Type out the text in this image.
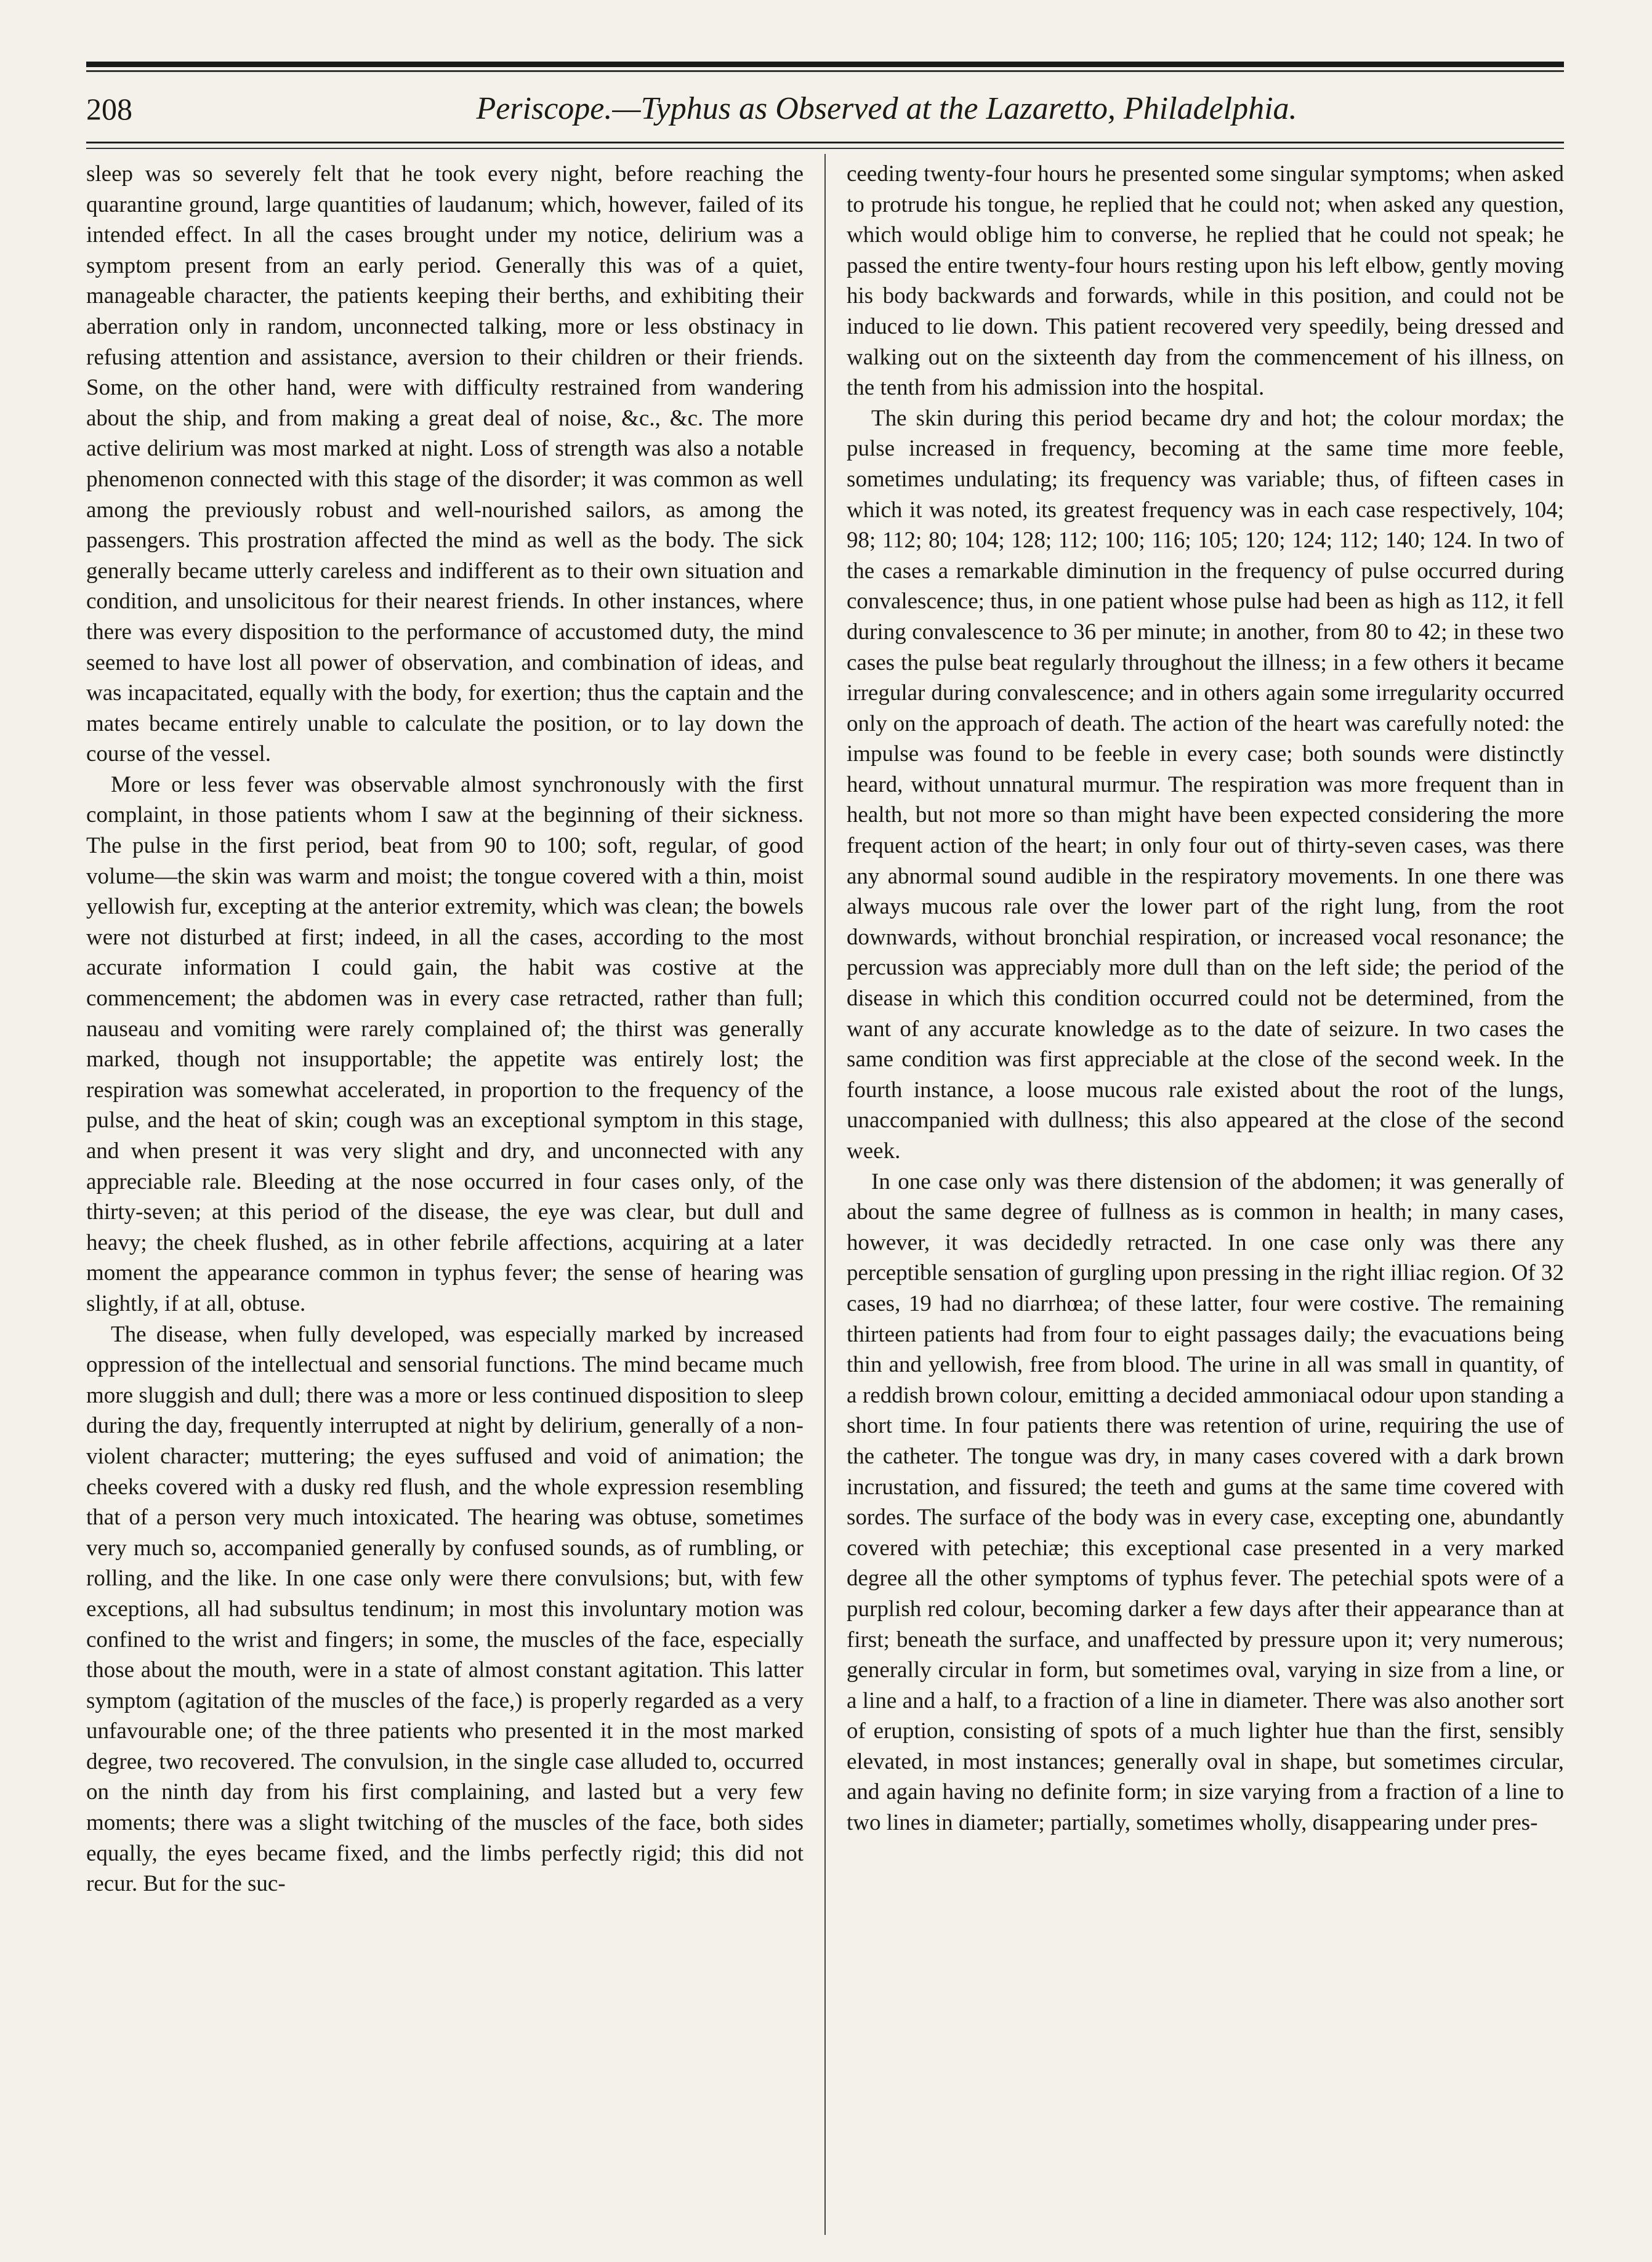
208	Periscope.—Typhus as Observed at the Lazaretto, Philadelphia.

sleep was so severely felt that he took every night, before reaching the quarantine ground, large quantities of laudanum; which, however, failed of its intended effect. In all the cases brought under my notice, delirium was a symptom present from an early period. Generally this was of a quiet, manageable character, the patients keeping their berths, and exhibiting their aberration only in random, unconnected talking, more or less obstinacy in refusing attention and assistance, aversion to their children or their friends. Some, on the other hand, were with difficulty restrained from wandering about the ship, and from making a great deal of noise, &c., &c. The more active delirium was most marked at night. Loss of strength was also a notable phenomenon connected with this stage of the disorder; it was common as well among the previously robust and well-nourished sailors, as among the passengers. This prostration affected the mind as well as the body. The sick generally became utterly careless and indifferent as to their own situation and condition, and unsolicitous for their nearest friends. In other instances, where there was every disposition to the performance of accustomed duty, the mind seemed to have lost all power of observation, and combination of ideas, and was incapacitated, equally with the body, for exertion; thus the captain and the mates became entirely unable to calculate the position, or to lay down the course of the vessel.

More or less fever was observable almost synchronously with the first complaint, in those patients whom I saw at the beginning of their sickness. The pulse in the first period, beat from 90 to 100; soft, regular, of good volume—the skin was warm and moist; the tongue covered with a thin, moist yellowish fur, excepting at the anterior extremity, which was clean; the bowels were not disturbed at first; indeed, in all the cases, according to the most accurate information I could gain, the habit was costive at the commencement; the abdomen was in every case retracted, rather than full; nauseau and vomiting were rarely complained of; the thirst was generally marked, though not insupportable; the appetite was entirely lost; the respiration was somewhat accelerated, in proportion to the frequency of the pulse, and the heat of skin; cough was an exceptional symptom in this stage, and when present it was very slight and dry, and unconnected with any appreciable rale. Bleeding at the nose occurred in four cases only, of the thirty-seven; at this period of the disease, the eye was clear, but dull and heavy; the cheek flushed, as in other febrile affections, acquiring at a later moment the appearance common in typhus fever; the sense of hearing was slightly, if at all, obtuse.

The disease, when fully developed, was especially marked by increased oppression of the intellectual and sensorial functions. The mind became much more sluggish and dull; there was a more or less continued disposition to sleep during the day, frequently interrupted at night by delirium, generally of a non-violent character; muttering; the eyes suffused and void of animation; the cheeks covered with a dusky red flush, and the whole expression resembling that of a person very much intoxicated. The hearing was obtuse, sometimes very much so, accompanied generally by confused sounds, as of rumbling, or rolling, and the like. In one case only were there convulsions; but, with few exceptions, all had subsultus tendinum; in most this involuntary motion was confined to the wrist and fingers; in some, the muscles of the face, especially those about the mouth, were in a state of almost constant agitation. This latter symptom (agitation of the muscles of the face,) is properly regarded as a very unfavourable one; of the three patients who presented it in the most marked degree, two recovered. The convulsion, in the single case alluded to, occurred on the ninth day from his first complaining, and lasted but a very few moments; there was a slight twitching of the muscles of the face, both sides equally, the eyes became fixed, and the limbs perfectly rigid; this did not recur. But for the suc-

ceeding twenty-four hours he presented some singular symptoms; when asked to protrude his tongue, he replied that he could not; when asked any question, which would oblige him to converse, he replied that he could not speak; he passed the entire twenty-four hours resting upon his left elbow, gently moving his body backwards and forwards, while in this position, and could not be induced to lie down. This patient recovered very speedily, being dressed and walking out on the sixteenth day from the commencement of his illness, on the tenth from his admission into the hospital.

The skin during this period became dry and hot; the colour mordax; the pulse increased in frequency, becoming at the same time more feeble, sometimes undulating; its frequency was variable; thus, of fifteen cases in which it was noted, its greatest frequency was in each case respectively, 104; 98; 112; 80; 104; 128; 112; 100; 116; 105; 120; 124; 112; 140; 124. In two of the cases a remarkable diminution in the frequency of pulse occurred during convalescence; thus, in one patient whose pulse had been as high as 112, it fell during convalescence to 36 per minute; in another, from 80 to 42; in these two cases the pulse beat regularly throughout the illness; in a few others it became irregular during convalescence; and in others again some irregularity occurred only on the approach of death. The action of the heart was carefully noted: the impulse was found to be feeble in every case; both sounds were distinctly heard, without unnatural murmur. The respiration was more frequent than in health, but not more so than might have been expected considering the more frequent action of the heart; in only four out of thirty-seven cases, was there any abnormal sound audible in the respiratory movements. In one there was always mucous rale over the lower part of the right lung, from the root downwards, without bronchial respiration, or increased vocal resonance; the percussion was appreciably more dull than on the left side; the period of the disease in which this condition occurred could not be determined, from the want of any accurate knowledge as to the date of seizure. In two cases the same condition was first appreciable at the close of the second week. In the fourth instance, a loose mucous rale existed about the root of the lungs, unaccompanied with dullness; this also appeared at the close of the second week.

In one case only was there distension of the abdomen; it was generally of about the same degree of fullness as is common in health; in many cases, however, it was decidedly retracted. In one case only was there any perceptible sensation of gurgling upon pressing in the right illiac region. Of 32 cases, 19 had no diarrhœa; of these latter, four were costive. The remaining thirteen patients had from four to eight passages daily; the evacuations being thin and yellowish, free from blood. The urine in all was small in quantity, of a reddish brown colour, emitting a decided ammoniacal odour upon standing a short time. In four patients there was retention of urine, requiring the use of the catheter. The tongue was dry, in many cases covered with a dark brown incrustation, and fissured; the teeth and gums at the same time covered with sordes. The surface of the body was in every case, excepting one, abundantly covered with petechiæ; this exceptional case presented in a very marked degree all the other symptoms of typhus fever. The petechial spots were of a purplish red colour, becoming darker a few days after their appearance than at first; beneath the surface, and unaffected by pressure upon it; very numerous; generally circular in form, but sometimes oval, varying in size from a line, or a line and a half, to a fraction of a line in diameter. There was also another sort of eruption, consisting of spots of a much lighter hue than the first, sensibly elevated, in most instances; generally oval in shape, but sometimes circular, and again having no definite form; in size varying from a fraction of a line to two lines in diameter; partially, sometimes wholly, disappearing under pres-
